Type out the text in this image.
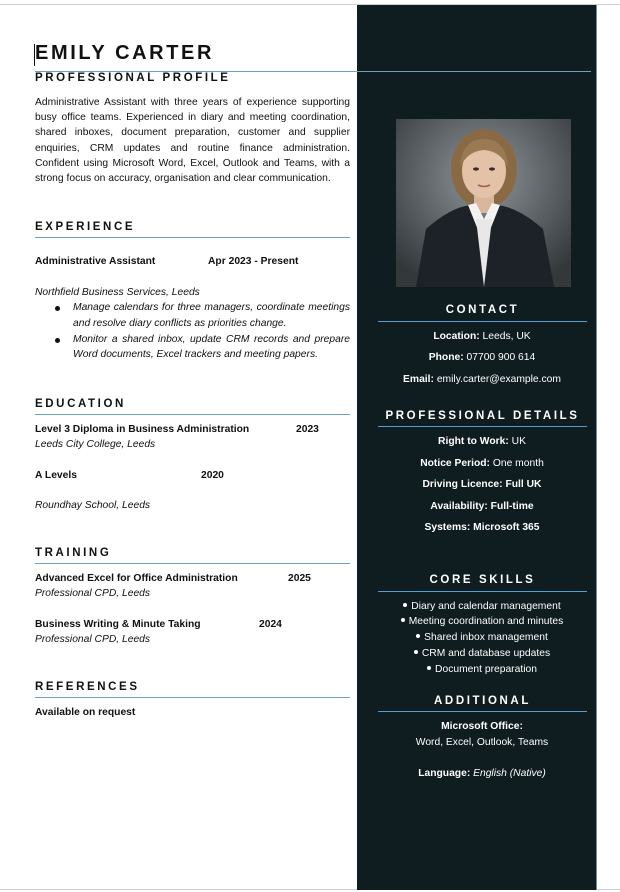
EMILY CARTER
PROFESSIONAL PROFILE
Administrative Assistant with three years of experience supporting busy office teams. Experienced in diary and meeting coordination, shared inboxes, document preparation, customer and supplier enquiries, CRM updates and routine finance administration. Confident using Microsoft Word, Excel, Outlook and Teams, with a strong focus on accuracy, organisation and clear communication.
EXPERIENCE
Administrative Assistant	Apr 2023 - Present
Northfield Business Services, Leeds
Manage calendars for three managers, coordinate meetings and resolve diary conflicts as priorities change.
Monitor a shared inbox, update CRM records and prepare Word documents, Excel trackers and meeting papers.
EDUCATION
Level 3 Diploma in Business Administration	2023
Leeds City College, Leeds
A Levels	2020
Roundhay School, Leeds
TRAINING
Advanced Excel for Office Administration	2025
Professional CPD, Leeds
Business Writing & Minute Taking	2024
Professional CPD, Leeds
REFERENCES
Available on request
CONTACT
Location: Leeds, UK
Phone: 07700 900 614
Email: emily.carter@example.com
PROFESSIONAL DETAILS
Right to Work: UK
Notice Period: One month
Driving Licence: Full UK
Availability: Full-time
Systems: Microsoft 365
CORE SKILLS
Diary and calendar management
Meeting coordination and minutes
Shared inbox management
CRM and database updates
Document preparation
ADDITIONAL
Microsoft Office:
Word, Excel, Outlook, Teams
Language: English (Native)
